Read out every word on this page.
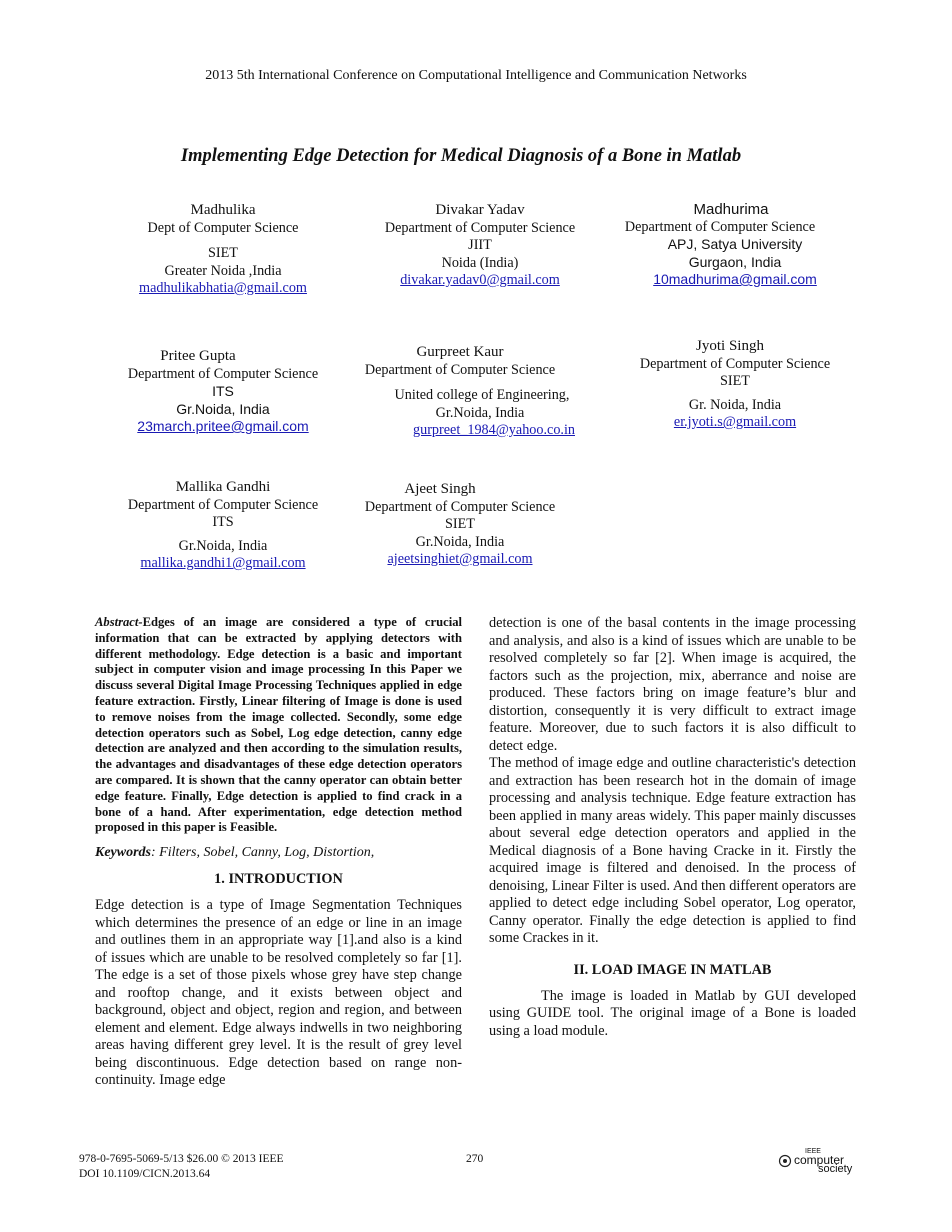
2013 5th International Conference on Computational Intelligence and Communication Networks
Implementing Edge Detection for Medical Diagnosis of a Bone in Matlab
Madhulika
Dept of Computer Science
SIET
Greater Noida ,India
madhulikabhatia@gmail.com
Divakar Yadav
Department of Computer Science
JIIT
Noida (India)
divakar.yadav0@gmail.com
Madhurima
Department of Computer Science
APJ, Satya University
Gurgaon, India
10madhurima@gmail.com
Pritee Gupta
Department of Computer Science
ITS
Gr.Noida, India
23march.pritee@gmail.com
Gurpreet Kaur
Department of Computer Science
United college of Engineering,
Gr.Noida, India
gurpreet_1984@yahoo.co.in
Jyoti Singh
Department of Computer Science
SIET
Gr. Noida, India
er.jyoti.s@gmail.com
Mallika Gandhi
Department of Computer Science
ITS
Gr.Noida, India
mallika.gandhi1@gmail.com
Ajeet Singh
Department of Computer Science
SIET
Gr.Noida, India
ajeetsinghiet@gmail.com
Abstract-Edges of an image are considered a type of crucial information that can be extracted by applying detectors with different methodology. Edge detection is a basic and important subject in computer vision and image processing In this Paper we discuss several Digital Image Processing Techniques applied in edge feature extraction. Firstly, Linear filtering of Image is done is used to remove noises from the image collected. Secondly, some edge detection operators such as Sobel, Log edge detection, canny edge detection are analyzed and then according to the simulation results, the advantages and disadvantages of these edge detection operators are compared. It is shown that the canny operator can obtain better edge feature. Finally, Edge detection is applied to find crack in a bone of a hand. After experimentation, edge detection method proposed in this paper is Feasible.
Keywords: Filters, Sobel, Canny, Log, Distortion,
1. INTRODUCTION
Edge detection is a type of Image Segmentation Techniques which determines the presence of an edge or line in an image and outlines them in an appropriate way [1].and also is a kind of issues which are unable to be resolved completely so far [1]. The edge is a set of those pixels whose grey have step change and rooftop change, and it exists between object and background, object and object, region and region, and between element and element. Edge always indwells in two neighboring areas having different grey level. It is the result of grey level being discontinuous. Edge detection based on range non-continuity. Image edge
detection is one of the basal contents in the image processing and analysis, and also is a kind of issues which are unable to be resolved completely so far [2]. When image is acquired, the factors such as the projection, mix, aberrance and noise are produced. These factors bring on image feature’s blur and distortion, consequently it is very difficult to extract image feature. Moreover, due to such factors it is also difficult to detect edge.
The method of image edge and outline characteristic's detection and extraction has been research hot in the domain of image processing and analysis technique. Edge feature extraction has been applied in many areas widely. This paper mainly discusses about several edge detection operators and applied in the Medical diagnosis of a Bone having Cracke in it. Firstly the acquired image is filtered and denoised. In the process of denoising, Linear Filter is used. And then different operators are applied to detect edge including Sobel operator, Log operator, Canny operator. Finally the edge detection is applied to find some Crackes in it.
II. LOAD IMAGE IN MATLAB
The image is loaded in Matlab by GUI developed using GUIDE tool. The original image of a Bone is loaded using a load module.
978-0-7695-5069-5/13 $26.00 © 2013 IEEE
DOI 10.1109/CICN.2013.64
270
IEEE
computer
society
